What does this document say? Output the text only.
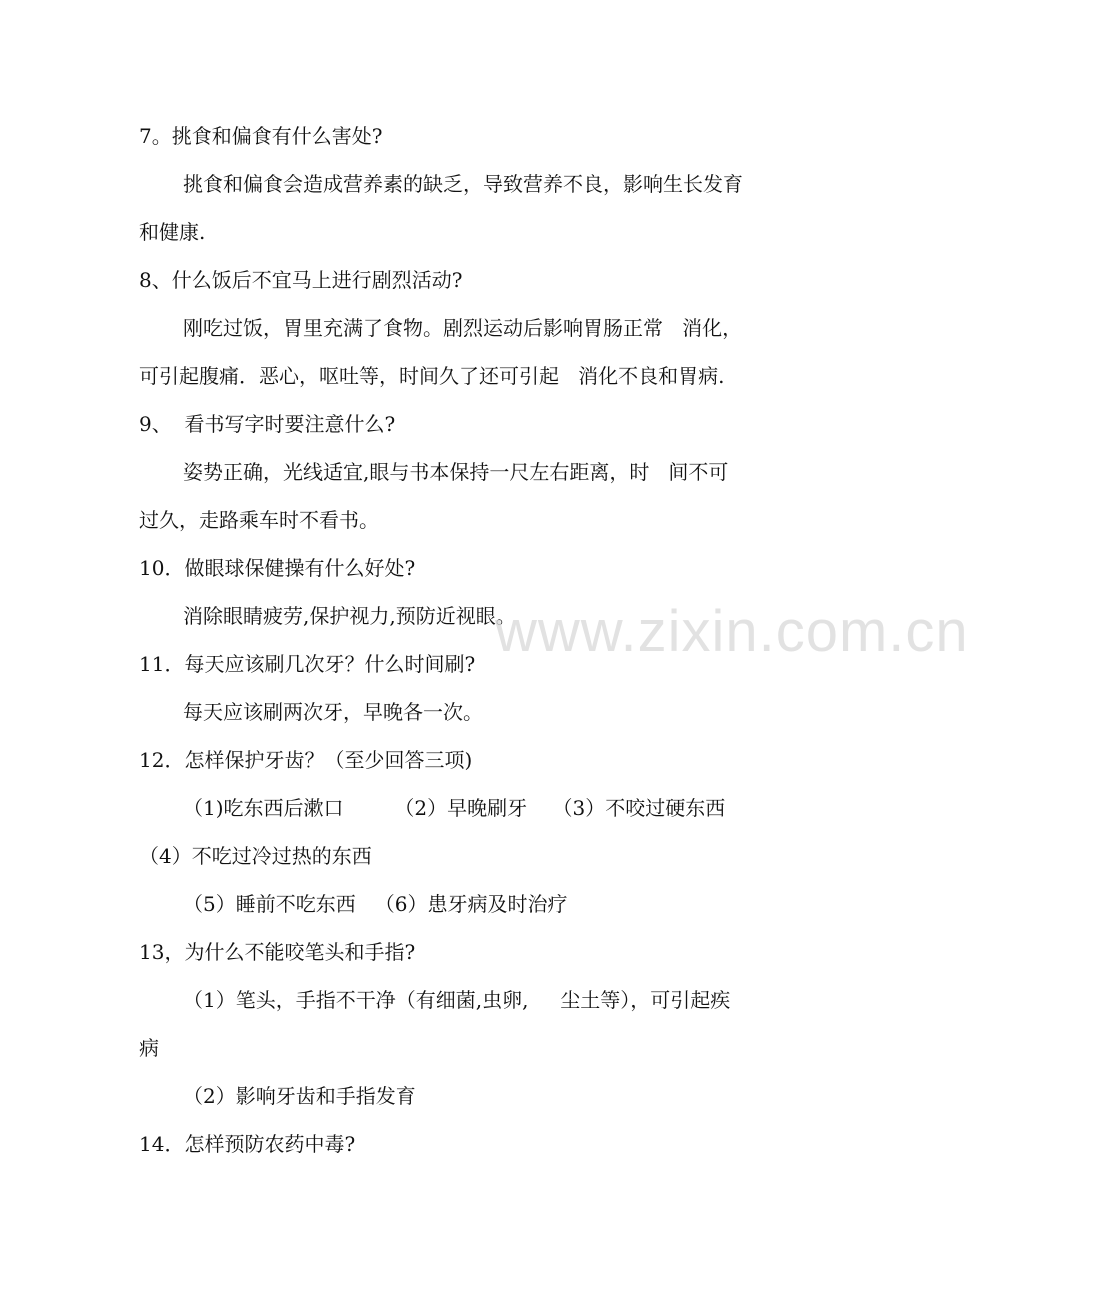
7。挑食和偏食有什么害处?
挑食和偏食会造成营养素的缺乏，导致营养不良，影响生长发育
和健康.
8、什么饭后不宜马上进行剧烈活动?
刚吃过饭，胃里充满了食物。剧烈运动后影响胃肠正常   消化，
可引起腹痛．恶心，呕吐等，时间久了还可引起   消化不良和胃病.
9、  看书写字时要注意什么?
姿势正确，光线适宜,眼与书本保持一尺左右距离，时   间不可
过久，走路乘车时不看书。
10．做眼球保健操有什么好处?
消除眼睛疲劳,保护视力,预防近视眼。
11．每天应该刷几次牙？什么时间刷?
每天应该刷两次牙，早晚各一次。
12．怎样保护牙齿？（至少回答三项)
（1)吃东西后漱口        （2）早晚刷牙    （3）不咬过硬东西
（4）不吃过冷过热的东西
（5）睡前不吃东西   （6）患牙病及时治疗
13，为什么不能咬笔头和手指?
（1）笔头，手指不干净（有细菌,虫卵,     尘土等），可引起疾
病
（2）影响牙齿和手指发育
14．怎样预防农药中毒?
www.zixin.com.cn
